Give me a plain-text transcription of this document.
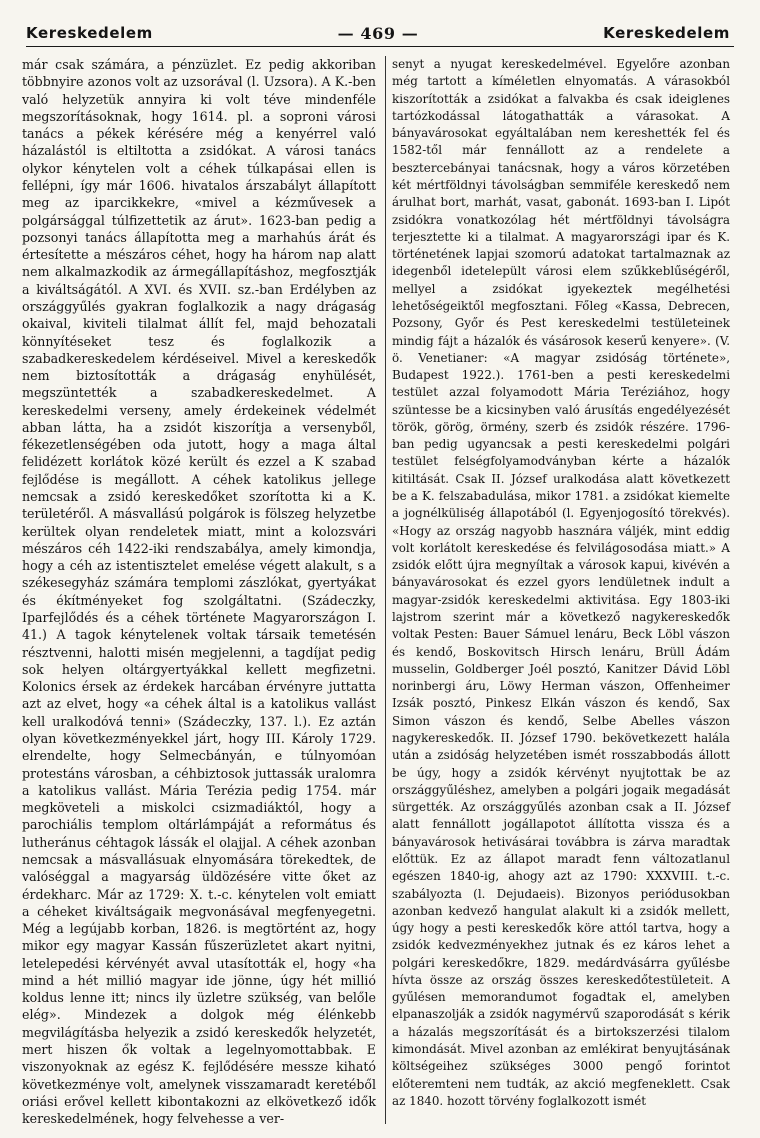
Kereskedelem	— 469 —	Kereskedelem

már csak számára, a pénzüzlet. Ez pedig akkoriban többnyire azonos volt az uzsorával (l. Uzsora). A K.-ben való helyzetük annyira ki volt téve mindenféle megszorításoknak, hogy 1614. pl. a soproni városi tanács a pékek kérésére még a kenyérrel való házalástól is eltiltotta a zsidókat. A városi tanács olykor kénytelen volt a céhek túlkapásai ellen is fellépni, így már 1606. hivatalos árszabályt állapított meg az iparcikkekre, «mivel a kézművesek a polgársággal túlfizettetik az árut». 1623-ban pedig a pozsonyi tanács állapította meg a marhahús árát és értesítette a mészáros céhet, hogy ha három nap alatt nem alkalmazkodik az ármegállapításhoz, megfosztják a kiváltságától. A XVI. és XVII. sz.-ban Erdélyben az országgyűlés gyakran foglalkozik a nagy drágaság okaival, kiviteli tilalmat állít fel, majd behozatali könnyítéseket tesz és foglalkozik a szabadkereskedelem kérdéseivel. Mivel a kereskedők nem biztosították a drágaság enyhülését, megszüntették a szabadkereskedelmet. A kereskedelmi verseny, amely érdekeinek védelmét abban látta, ha a zsidót kiszorítja a versenyből, fékezetlenségében oda jutott, hogy a maga által felidézett korlátok közé került és ezzel a K szabad fejlődése is megállott. A céhek katolikus jellege nemcsak a zsidó kereskedőket szorította ki a K. területéről. A másvallású polgárok is fölszeg helyzetbe kerültek olyan rendeletek miatt, mint a kolozsvári mészáros céh 1422-iki rendszabálya, amely kimondja, hogy a céh az istentisztelet emelése végett alakult, s a székesegyház számára templomi zászlókat, gyertyákat és ékítményeket fog szolgáltatni. (Szádeczky, Iparfejlődés és a céhek története Magyarországon I. 41.) A tagok kénytelenek voltak társaik temetésén résztvenni, halotti misén megjelenni, a tagdíjat pedig sok helyen oltárgyertyákkal kellett megfizetni. Kolonics érsek az érdekek harcában érvényre juttatta azt az elvet, hogy «a céhek által is a katolikus vallást kell uralkodóvá tenni» (Szádeczky, 137. l.). Ez aztán olyan következményekkel járt, hogy III. Károly 1729. elrendelte, hogy Selmecbányán, e túlnyomóan protestáns városban, a céhbiztosok juttassák uralomra a katolikus vallást. Mária Terézia pedig 1754. már megköveteli a miskolci csizmadiáktól, hogy a parochiális templom oltárlámpáját a református és lutheránus céhtagok lássák el olajjal. A céhek azonban nemcsak a másvallásuak elnyomására törekedtek, de valóséggal a magyarság üldözésére vitte őket az érdekharc. Már az 1729: X. t.-c. kénytelen volt emiatt a céheket kiváltságaik megvonásával megfenyegetni. Még a legújabb korban, 1826. is megtörtént az, hogy mikor egy magyar Kassán fűszerüzletet akart nyitni, letelepedési kérvényét avval utasították el, hogy «ha mind a hét millió magyar ide jönne, úgy hét millió koldus lenne itt; nincs ily üzletre szükség, van belőle elég». Mindezek a dolgok még élénkebb megvilágításba helyezik a zsidó kereskedők helyzetét, mert hiszen ők voltak a legelnyomottabbak. E viszonyoknak az egész K. fejlődésére messze kiható következménye volt, amelynek visszamaradt keretéből oriási erővel kellett kibontakozni az elkövetkező idők kereskedelmének, hogy felvehesse a ver-

senyt a nyugat kereskedelmével. Egyelőre azonban még tartott a kíméletlen elnyomatás. A várasokból kiszorították a zsidókat a falvakba és csak ideiglenes tartózkodással látogathatták a várasokat. A bányavárosokat egyáltalában nem kereshették fel és 1582-től már fennállott az a rendelete a besztercebányai tanácsnak, hogy a város körzetében két mértföldnyi távolságban semmiféle kereskedő nem árulhat bort, marhát, vasat, gabonát. 1693-ban I. Lipót zsidókra vonatkozólag hét mértföldnyi távolságra terjesztette ki a tilalmat. A magyarországi ipar és K. történetének lapjai szomorú adatokat tartalmaznak az idegenből idetelepült városi elem szűkkeblűségéről, mellyel a zsidókat igyekeztek megélhetési lehetőségeiktől megfosztani. Főleg «Kassa, Debrecen, Pozsony, Győr és Pest kereskedelmi testületeinek mindig fájt a házalók és vásárosok keserű kenyere». (V. ö. Venetianer: «A magyar zsidóság története», Budapest 1922.). 1761-ben a pesti kereskedelmi testület azzal folyamodott Mária Teréziához, hogy szüntesse be a kicsinyben való árusítás engedélyezését török, görög, örmény, szerb és zsidók részére. 1796-ban pedig ugyancsak a pesti kereskedelmi polgári testület felségfolyamodványban kérte a házalók kitiltását. Csak II. József uralkodása alatt következett be a K. felszabadulása, mikor 1781. a zsidókat kiemelte a jognélküliség állapotából (l. Egyenjogosító törekvés). «Hogy az ország nagyobb hasznára váljék, mint eddig volt korlátolt kereskedése és felvilágosodása miatt.» A zsidók előtt újra megnyíltak a városok kapui, kivévén a bányavárosokat és ezzel gyors lendületnek indult a magyar-zsidók kereskedelmi aktivitása. Egy 1803-iki lajstrom szerint már a következő nagykereskedők voltak Pesten: Bauer Sámuel lenáru, Beck Löbl vászon és kendő, Boskovitsch Hirsch lenáru, Brüll Ádám musselin, Goldberger Joél posztó, Kanitzer Dávid Löbl norinbergi áru, Löwy Herman vászon, Offenheimer Izsák posztó, Pinkesz Elkán vászon és kendő, Sax Simon vászon és kendő, Selbe Abelles vászon nagykereskedők. II. József 1790. bekövetkezett halála után a zsidóság helyzetében ismét rosszabbodás állott be úgy, hogy a zsidók kérvényt nyujtottak be az országgyűléshez, amelyben a polgári jogaik megadását sürgették. Az országgyűlés azonban csak a II. József alatt fennállott jogállapotot állította vissza és a bányavárosok hetivásárai továbbra is zárva maradtak előttük. Ez az állapot maradt fenn változatlanul egészen 1840-ig, ahogy azt az 1790: XXXVIII. t.-c. szabályozta (l. Dejudaeis). Bizonyos periódusokban azonban kedvező hangulat alakult ki a zsidók mellett, úgy hogy a pesti kereskedők köre attól tartva, hogy a zsidók kedvezményekhez jutnak és ez káros lehet a polgári kereskedőkre, 1829. medárdvásárra gyűlésbe hívta össze az ország összes kereskedőtestületeit. A gyűlésen memorandumot fogadtak el, amelyben elpanaszolják a zsidók nagymérvű szaporodását s kérik a házalás megszorítását és a birtokszerzési tilalom kimondását. Mivel azonban az emlékirat benyujtásának költségeihez szükséges 3000 pengő forintot előteremteni nem tudták, az akció megfeneklett. Csak az 1840. hozott törvény foglalkozott ismét
